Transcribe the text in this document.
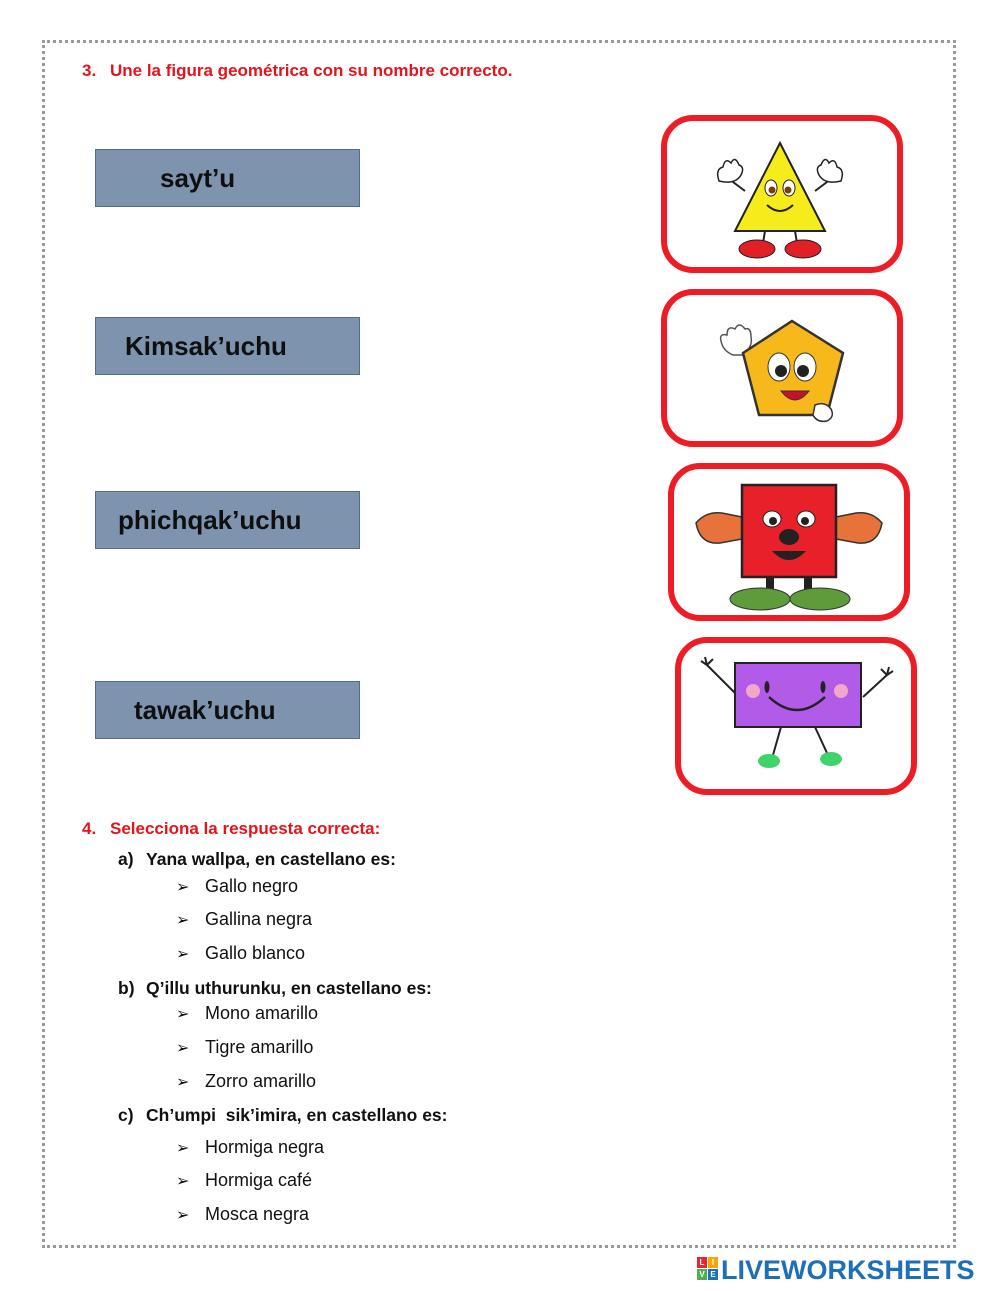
3. Une la figura geométrica con su nombre correcto.
sayt’u
Kimsak’uchu
phichqak’uchu
tawak’uchu
4. Selecciona la respuesta correcta:
a) Yana wallpa, en castellano es:
➢ Gallo negro
➢ Gallina negra
➢ Gallo blanco
b) Q’illu uthurunku, en castellano es:
➢ Mono amarillo
➢ Tigre amarillo
➢ Zorro amarillo
c) Ch’umpi  sik’imira, en castellano es:
➢ Hormiga negra
➢ Hormiga café
➢ Mosca negra
L I
V E LIVEWORKSHEETS
